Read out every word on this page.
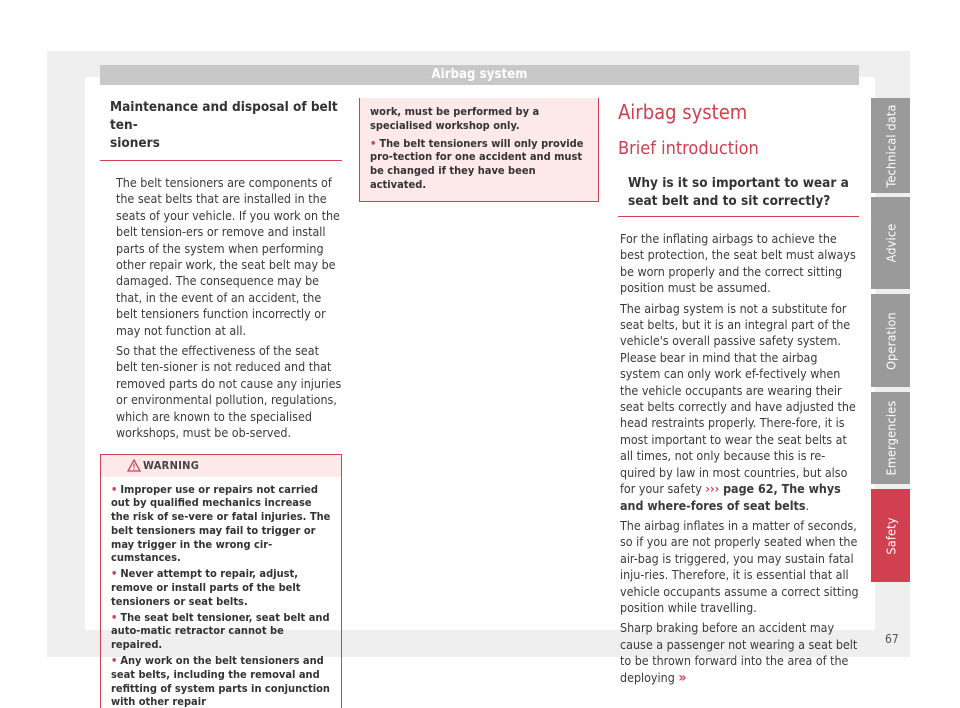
Airbag system
Maintenance and disposal of belt ten-
sioners

The belt tensioners are components of the seat belts that are installed in the seats of your vehicle. If you work on the belt tension-ers or remove and install parts of the system when performing other repair work, the seat belt may be damaged. The consequence may be that, in the event of an accident, the belt tensioners function incorrectly or may not function at all.

So that the effectiveness of the seat belt ten-sioner is not reduced and that removed parts do not cause any injuries or environmental pollution, regulations, which are known to the specialised workshops, must be ob-served.

WARNING
• Improper use or repairs not carried out by qualified mechanics increase the risk of se-vere or fatal injuries. The belt tensioners may fail to trigger or may trigger in the wrong cir-cumstances.
• Never attempt to repair, adjust, remove or install parts of the belt tensioners or seat belts.
• The seat belt tensioner, seat belt and auto-matic retractor cannot be repaired.
• Any work on the belt tensioners and seat belts, including the removal and refitting of system parts in conjunction with other repair
work, must be performed by a specialised workshop only.
• The belt tensioners will only provide pro-tection for one accident and must be changed if they have been activated.
Airbag system
Brief introduction
Why is it so important to wear a seat belt and to sit correctly?

For the inflating airbags to achieve the best protection, the seat belt must always be worn properly and the correct sitting position must be assumed.

The airbag system is not a substitute for seat belts, but it is an integral part of the vehicle's overall passive safety system. Please bear in mind that the airbag system can only work ef-fectively when the vehicle occupants are wearing their seat belts correctly and have adjusted the head restraints properly. There-fore, it is most important to wear the seat belts at all times, not only because this is re-quired by law in most countries, but also for your safety ››› page 62, The whys and where-fores of seat belts.

The airbag inflates in a matter of seconds, so if you are not properly seated when the air-bag is triggered, you may sustain fatal inju-ries. Therefore, it is essential that all vehicle occupants assume a correct sitting position while travelling.

Sharp braking before an accident may cause a passenger not wearing a seat belt to be thrown forward into the area of the deploying »

Technical data
Advice
Operation
Emergencies
Safety
67
